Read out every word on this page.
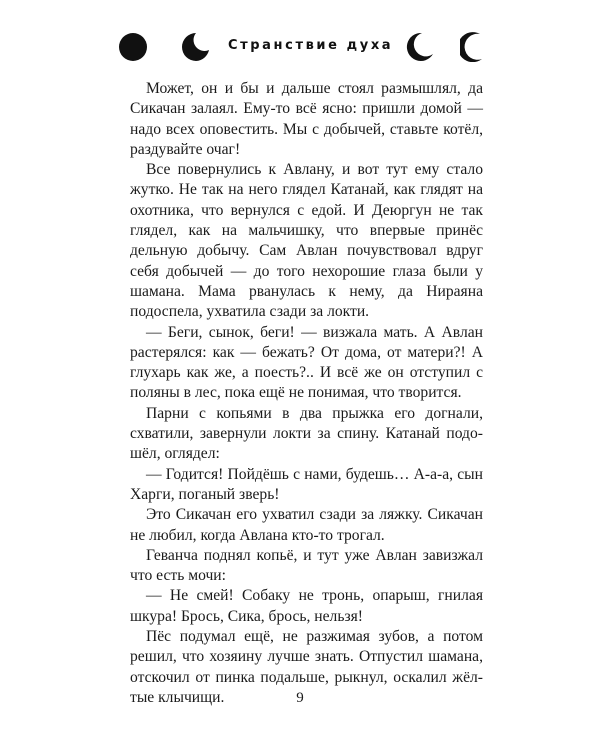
Странствие духа

Может, он и бы и дальше стоял размышлял, да Сикачан залаял. Ему-то всё ясно: пришли домой — надо всех оповестить. Мы с добычей, ставьте котёл, раздувайте очаг!

Все повернулись к Авлану, и вот тут ему стало жутко. Не так на него глядел Катанай, как глядят на охотника, что вернулся с едой. И Деюргун не так глядел, как на мальчишку, что впервые принёс дельную добычу. Сам Авлан почувствовал вдруг себя добычей — до того нехорошие глаза были у шамана. Мама рванулась к нему, да Нираяна подоспела, ухватила сзади за локти.

— Беги, сынок, беги! — визжала мать. А Авлан растерялся: как — бежать? От дома, от матери?! А глухарь как же, а поесть?.. И всё же он отступил с поляны в лес, пока ещё не понимая, что творится.

Парни с копьями в два прыжка его догнали, схватили, завернули локти за спину. Катанай подошёл, оглядел:

— Годится! Пойдёшь с нами, будешь… А-а-а, сын Харги, поганый зверь!

Это Сикачан его ухватил сзади за ляжку. Сикачан не любил, когда Авлана кто-то трогал.

Геванча поднял копьё, и тут уже Авлан завизжал что есть мочи:

— Не смей! Собаку не тронь, опарыш, гнилая шкура! Брось, Сика, брось, нельзя!

Пёс подумал ещё, не разжимая зубов, а потом решил, что хозяину лучше знать. Отпустил шамана, отскочил от пинка подальше, рыкнул, оскалил жёлтые клычищи.	9
